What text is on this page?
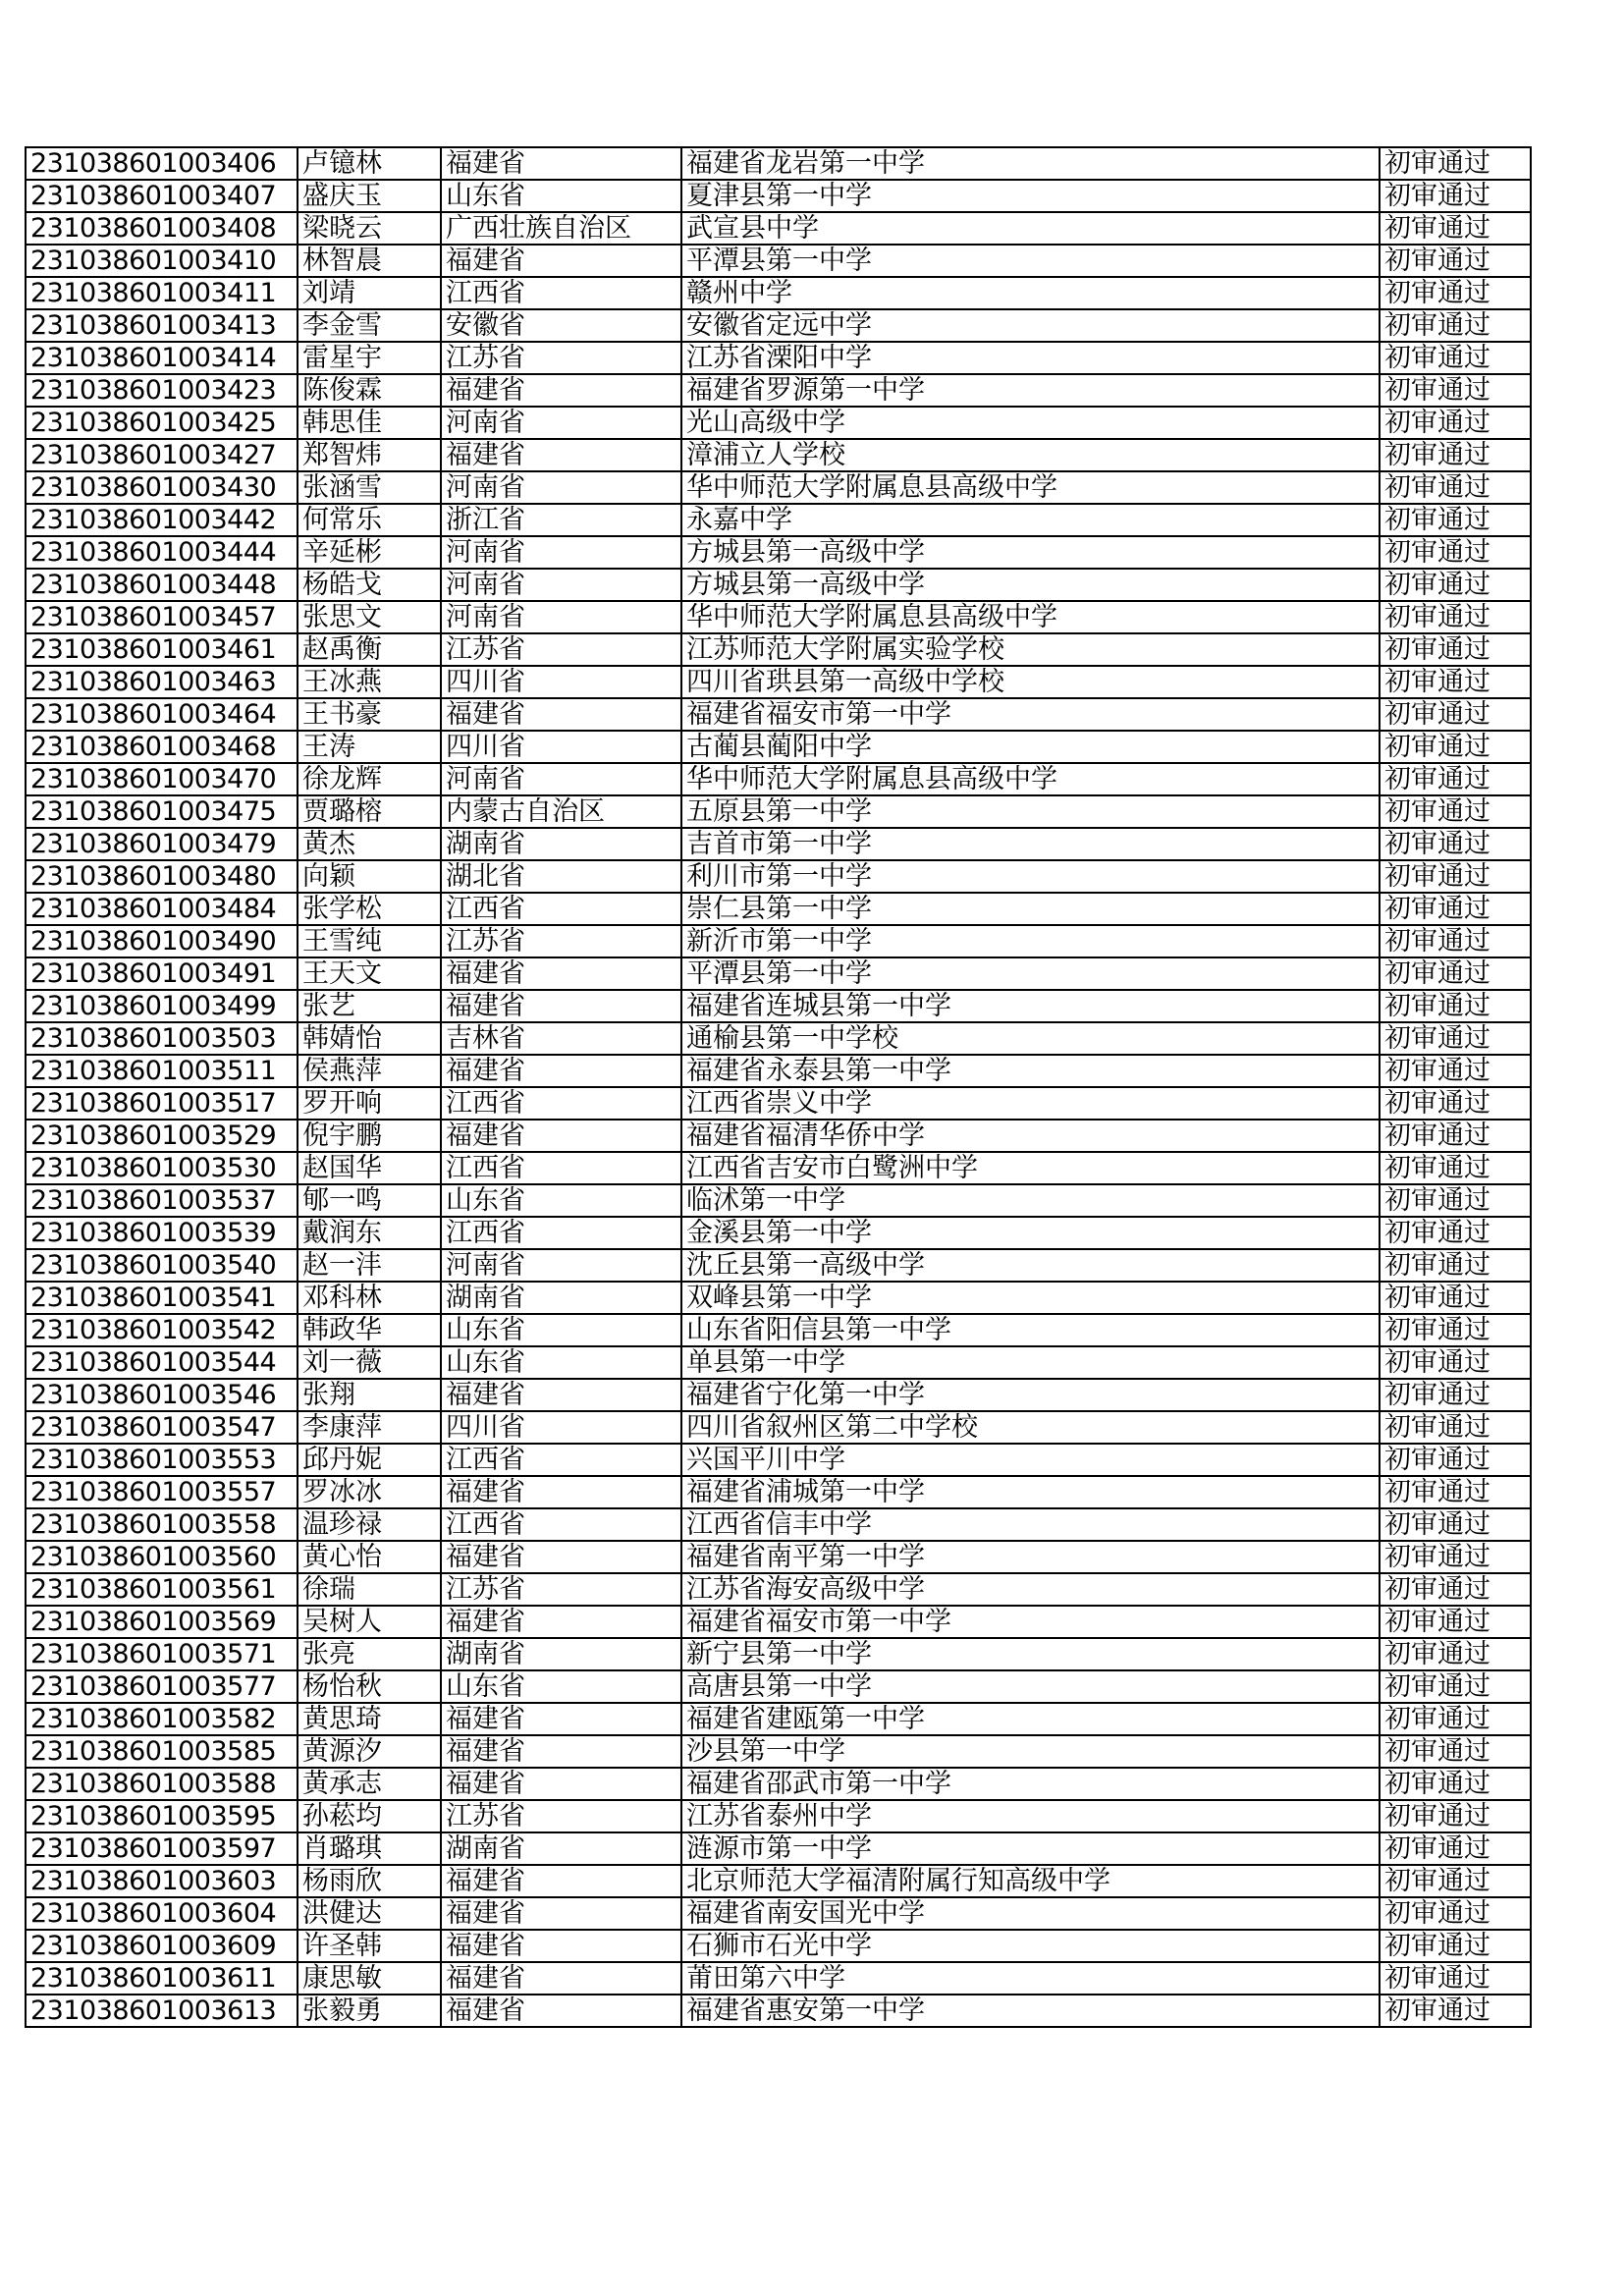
231038601003406	卢镱林	福建省	福建省龙岩第一中学	初审通过
231038601003407	盛庆玉	山东省	夏津县第一中学	初审通过
231038601003408	梁晓云	广西壮族自治区	武宣县中学	初审通过
231038601003410	林智晨	福建省	平潭县第一中学	初审通过
231038601003411	刘靖	江西省	赣州中学	初审通过
231038601003413	李金雪	安徽省	安徽省定远中学	初审通过
231038601003414	雷星宇	江苏省	江苏省溧阳中学	初审通过
231038601003423	陈俊霖	福建省	福建省罗源第一中学	初审通过
231038601003425	韩思佳	河南省	光山高级中学	初审通过
231038601003427	郑智炜	福建省	漳浦立人学校	初审通过
231038601003430	张涵雪	河南省	华中师范大学附属息县高级中学	初审通过
231038601003442	何常乐	浙江省	永嘉中学	初审通过
231038601003444	辛延彬	河南省	方城县第一高级中学	初审通过
231038601003448	杨皓戈	河南省	方城县第一高级中学	初审通过
231038601003457	张思文	河南省	华中师范大学附属息县高级中学	初审通过
231038601003461	赵禹衡	江苏省	江苏师范大学附属实验学校	初审通过
231038601003463	王冰燕	四川省	四川省珙县第一高级中学校	初审通过
231038601003464	王书豪	福建省	福建省福安市第一中学	初审通过
231038601003468	王涛	四川省	古蔺县蔺阳中学	初审通过
231038601003470	徐龙辉	河南省	华中师范大学附属息县高级中学	初审通过
231038601003475	贾璐榕	内蒙古自治区	五原县第一中学	初审通过
231038601003479	黄杰	湖南省	吉首市第一中学	初审通过
231038601003480	向颖	湖北省	利川市第一中学	初审通过
231038601003484	张学松	江西省	崇仁县第一中学	初审通过
231038601003490	王雪纯	江苏省	新沂市第一中学	初审通过
231038601003491	王天文	福建省	平潭县第一中学	初审通过
231038601003499	张艺	福建省	福建省连城县第一中学	初审通过
231038601003503	韩婧怡	吉林省	通榆县第一中学校	初审通过
231038601003511	侯燕萍	福建省	福建省永泰县第一中学	初审通过
231038601003517	罗开响	江西省	江西省崇义中学	初审通过
231038601003529	倪宇鹏	福建省	福建省福清华侨中学	初审通过
231038601003530	赵国华	江西省	江西省吉安市白鹭洲中学	初审通过
231038601003537	郇一鸣	山东省	临沭第一中学	初审通过
231038601003539	戴润东	江西省	金溪县第一中学	初审通过
231038601003540	赵一沣	河南省	沈丘县第一高级中学	初审通过
231038601003541	邓科林	湖南省	双峰县第一中学	初审通过
231038601003542	韩政华	山东省	山东省阳信县第一中学	初审通过
231038601003544	刘一薇	山东省	单县第一中学	初审通过
231038601003546	张翔	福建省	福建省宁化第一中学	初审通过
231038601003547	李康萍	四川省	四川省叙州区第二中学校	初审通过
231038601003553	邱丹妮	江西省	兴国平川中学	初审通过
231038601003557	罗冰冰	福建省	福建省浦城第一中学	初审通过
231038601003558	温珍禄	江西省	江西省信丰中学	初审通过
231038601003560	黄心怡	福建省	福建省南平第一中学	初审通过
231038601003561	徐瑞	江苏省	江苏省海安高级中学	初审通过
231038601003569	吴树人	福建省	福建省福安市第一中学	初审通过
231038601003571	张亮	湖南省	新宁县第一中学	初审通过
231038601003577	杨怡秋	山东省	高唐县第一中学	初审通过
231038601003582	黄思琦	福建省	福建省建瓯第一中学	初审通过
231038601003585	黄源汐	福建省	沙县第一中学	初审通过
231038601003588	黄承志	福建省	福建省邵武市第一中学	初审通过
231038601003595	孙菘均	江苏省	江苏省泰州中学	初审通过
231038601003597	肖璐琪	湖南省	涟源市第一中学	初审通过
231038601003603	杨雨欣	福建省	北京师范大学福清附属行知高级中学	初审通过
231038601003604	洪健达	福建省	福建省南安国光中学	初审通过
231038601003609	许圣韩	福建省	石狮市石光中学	初审通过
231038601003611	康思敏	福建省	莆田第六中学	初审通过
231038601003613	张毅勇	福建省	福建省惠安第一中学	初审通过
